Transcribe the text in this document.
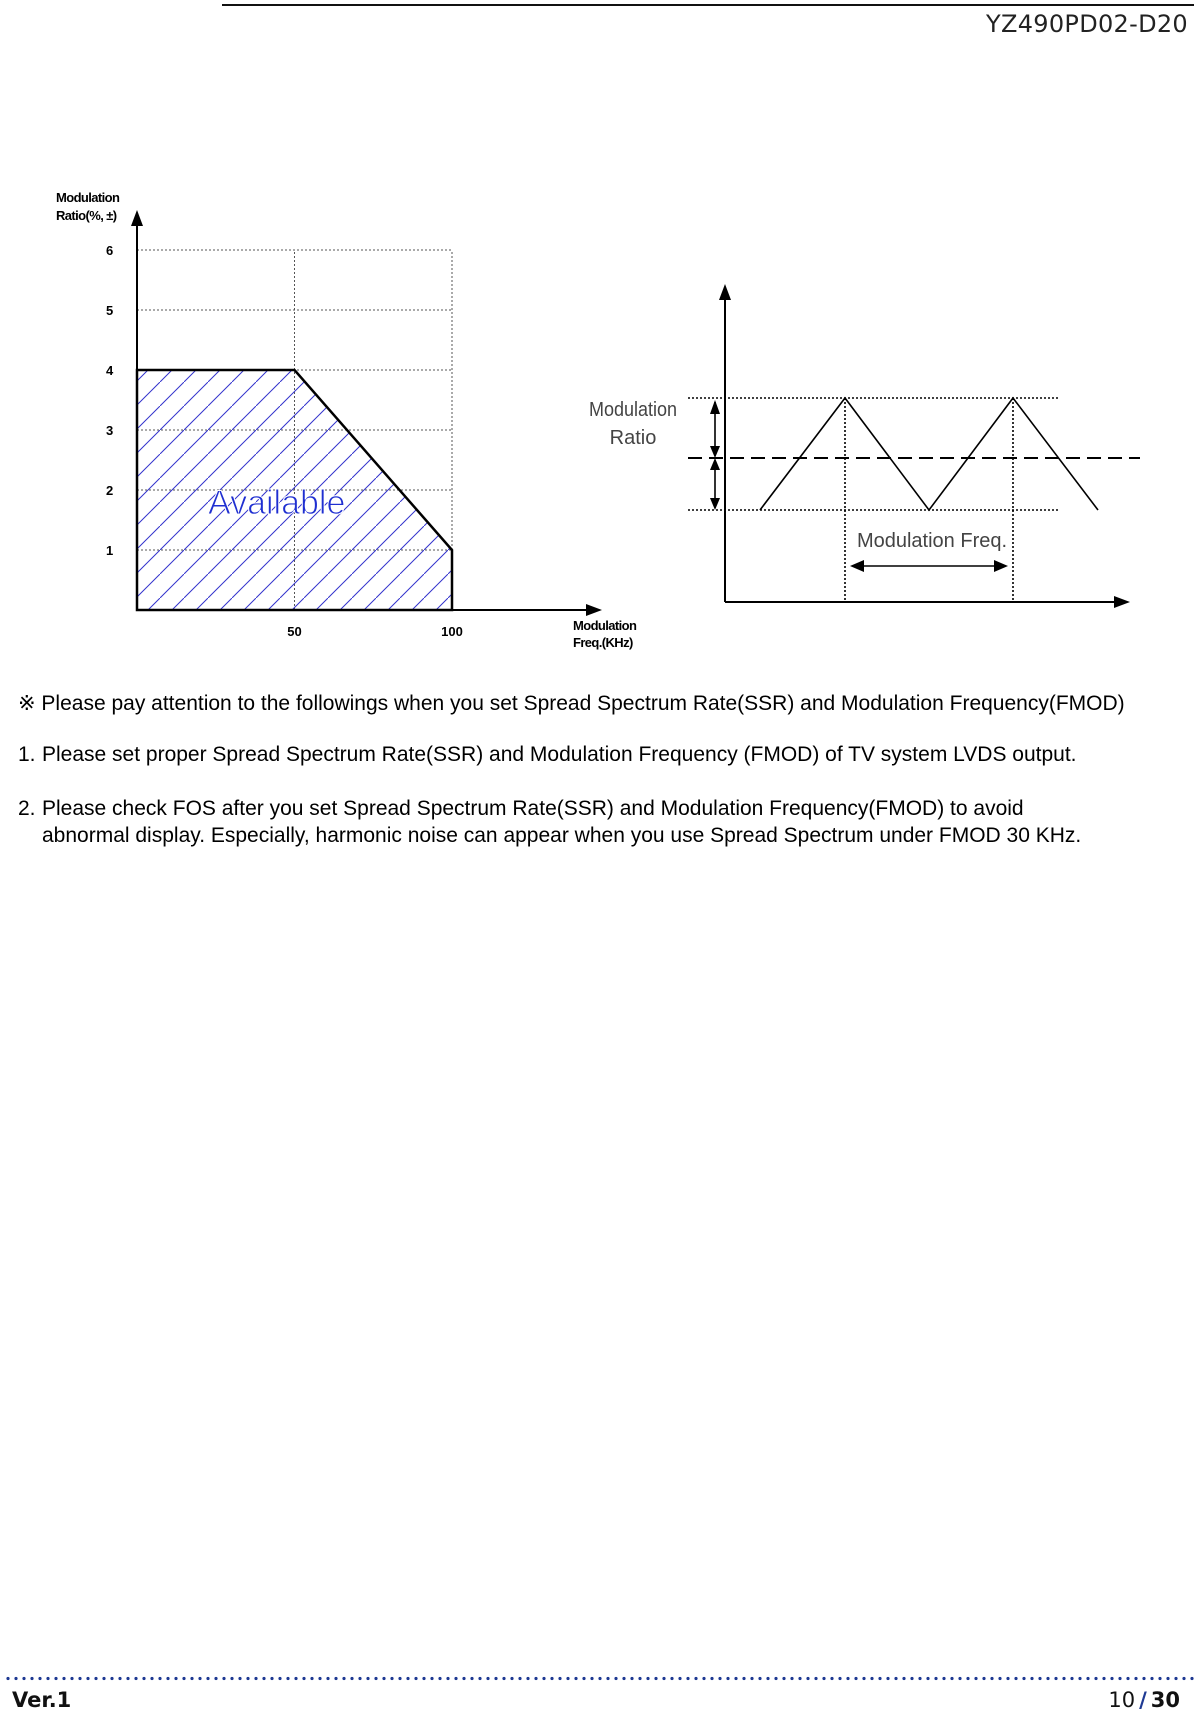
YZ490PD02-D20
Modulation
Ratio(%, ±)
Modulation
Freq.(KHz)
Available
1
2
3
4
5
6
50	100
Modulation
Ratio
Modulation Freq.
※ Please pay attention to the followings when you set Spread Spectrum Rate(SSR) and Modulation Frequency(FMOD)
1. Please set proper Spread Spectrum Rate(SSR) and Modulation Frequency (FMOD) of TV system LVDS output.
2. Please check FOS after you set Spread Spectrum Rate(SSR) and Modulation Frequency(FMOD) to avoid abnormal display. Especially, harmonic noise can appear when you use Spread Spectrum under FMOD 30 KHz.
Ver.1	10 / 30
